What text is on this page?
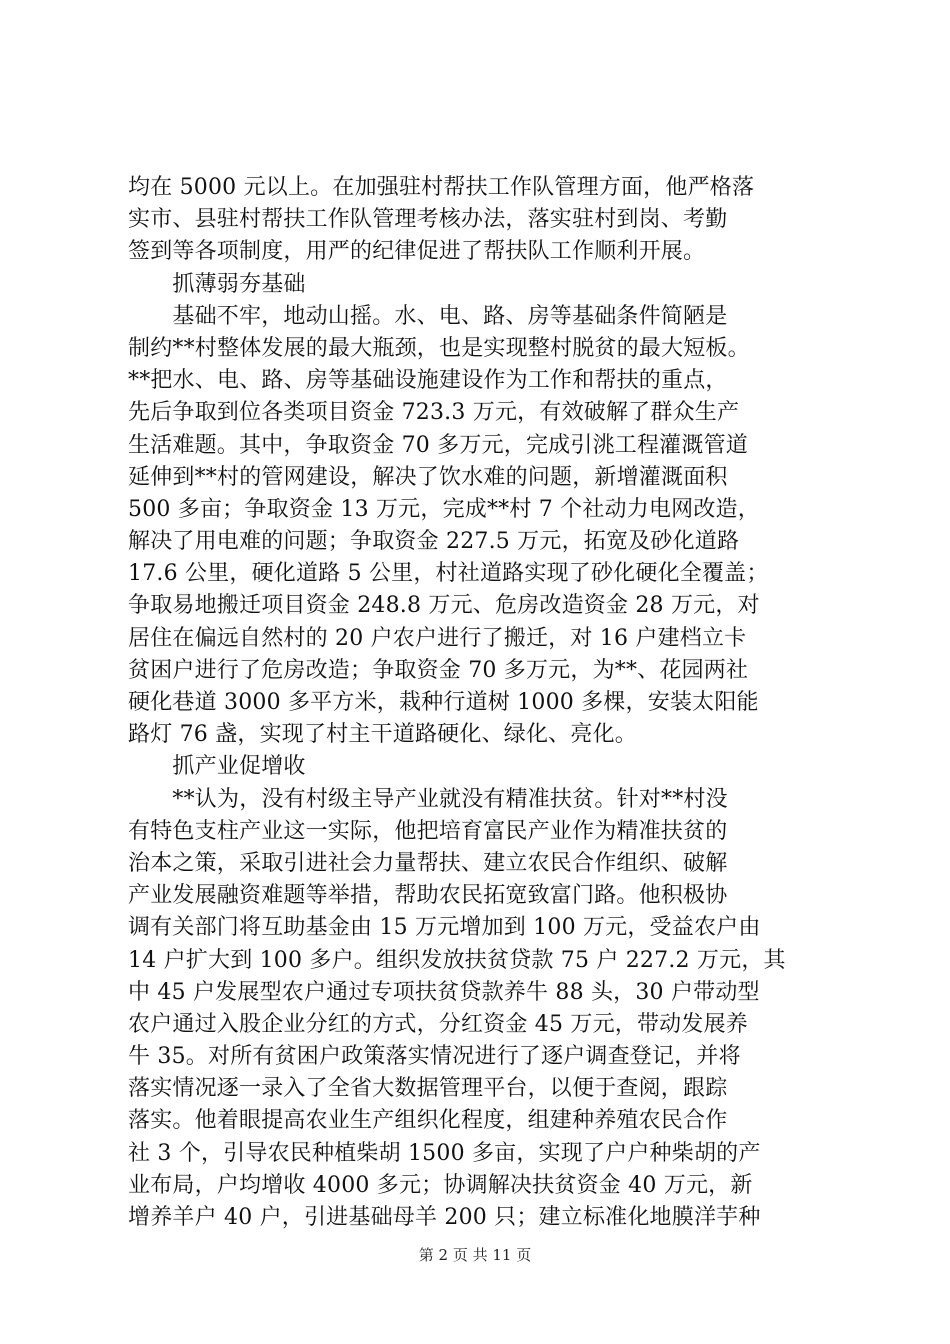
均在 5000 元以上。在加强驻村帮扶工作队管理方面，他严格落
实市、县驻村帮扶工作队管理考核办法，落实驻村到岗、考勤
签到等各项制度，用严的纪律促进了帮扶队工作顺利开展。
　　抓薄弱夯基础
　　基础不牢，地动山摇。水、电、路、房等基础条件简陋是
制约**村整体发展的最大瓶颈，也是实现整村脱贫的最大短板。
**把水、电、路、房等基础设施建设作为工作和帮扶的重点，
先后争取到位各类项目资金 723.3 万元，有效破解了群众生产
生活难题。其中，争取资金 70 多万元，完成引洮工程灌溉管道
延伸到**村的管网建设，解决了饮水难的问题，新增灌溉面积
500 多亩；争取资金 13 万元，完成**村 7 个社动力电网改造，
解决了用电难的问题；争取资金 227.5 万元，拓宽及砂化道路
17.6 公里，硬化道路 5 公里，村社道路实现了砂化硬化全覆盖；
争取易地搬迁项目资金 248.8 万元、危房改造资金 28 万元，对
居住在偏远自然村的 20 户农户进行了搬迁，对 16 户建档立卡
贫困户进行了危房改造；争取资金 70 多万元，为**、花园两社
硬化巷道 3000 多平方米，栽种行道树 1000 多棵，安装太阳能
路灯 76 盏，实现了村主干道路硬化、绿化、亮化。
　　抓产业促增收
　　**认为，没有村级主导产业就没有精准扶贫。针对**村没
有特色支柱产业这一实际，他把培育富民产业作为精准扶贫的
治本之策，采取引进社会力量帮扶、建立农民合作组织、破解
产业发展融资难题等举措，帮助农民拓宽致富门路。他积极协
调有关部门将互助基金由 15 万元增加到 100 万元，受益农户由
14 户扩大到 100 多户。组织发放扶贫贷款 75 户 227.2 万元，其
中 45 户发展型农户通过专项扶贫贷款养牛 88 头，30 户带动型
农户通过入股企业分红的方式，分红资金 45 万元，带动发展养
牛 35。对所有贫困户政策落实情况进行了逐户调查登记，并将
落实情况逐一录入了全省大数据管理平台，以便于查阅，跟踪
落实。他着眼提高农业生产组织化程度，组建种养殖农民合作
社 3 个，引导农民种植柴胡 1500 多亩，实现了户户种柴胡的产
业布局，户均增收 4000 多元；协调解决扶贫资金 40 万元，新
增养羊户 40 户，引进基础母羊 200 只；建立标准化地膜洋芋种
第 2 页 共 11 页
